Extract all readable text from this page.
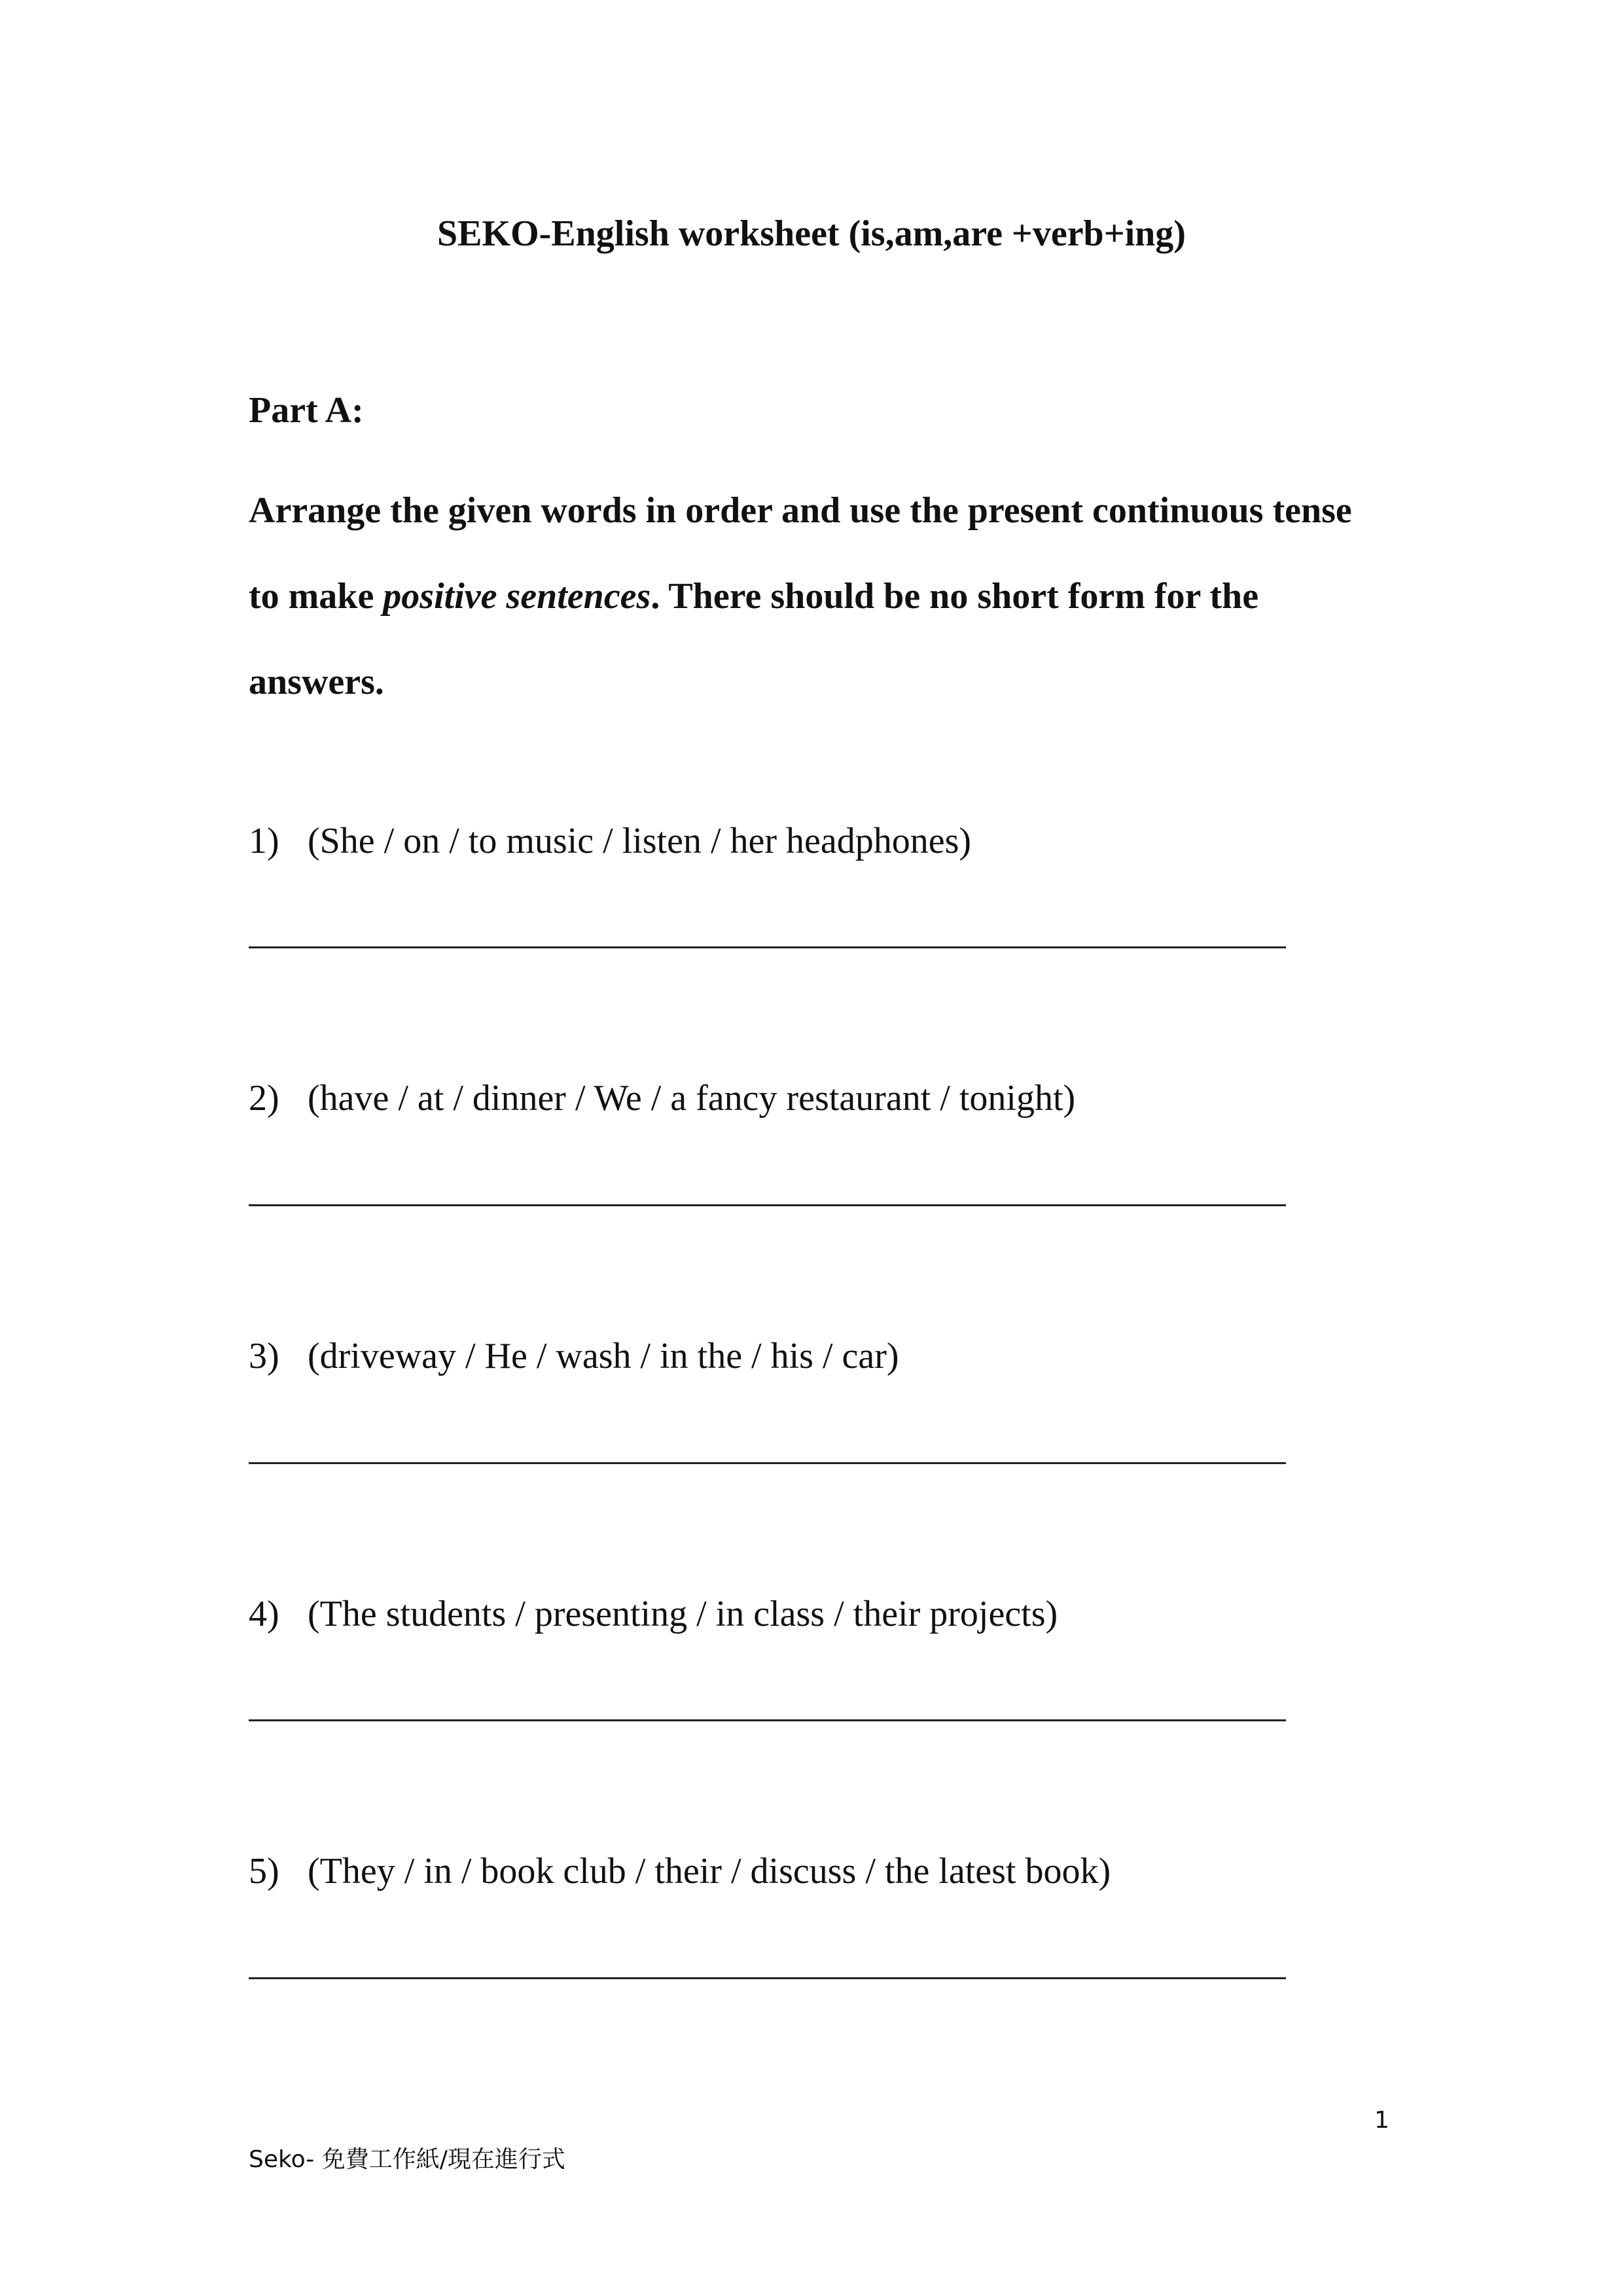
SEKO-English worksheet (is,am,are +verb+ing)
Part A:
Arrange the given words in order and use the present continuous tense to make positive sentences. There should be no short form for the answers.
1) (She / on / to music / listen / her headphones)
2) (have / at / dinner / We / a fancy restaurant / tonight)
3) (driveway / He / wash / in the / his / car)
4) (The students / presenting / in class / their projects)
5) (They / in / book club / their / discuss / the latest book)
1
Seko- 免費工作紙/現在進行式
